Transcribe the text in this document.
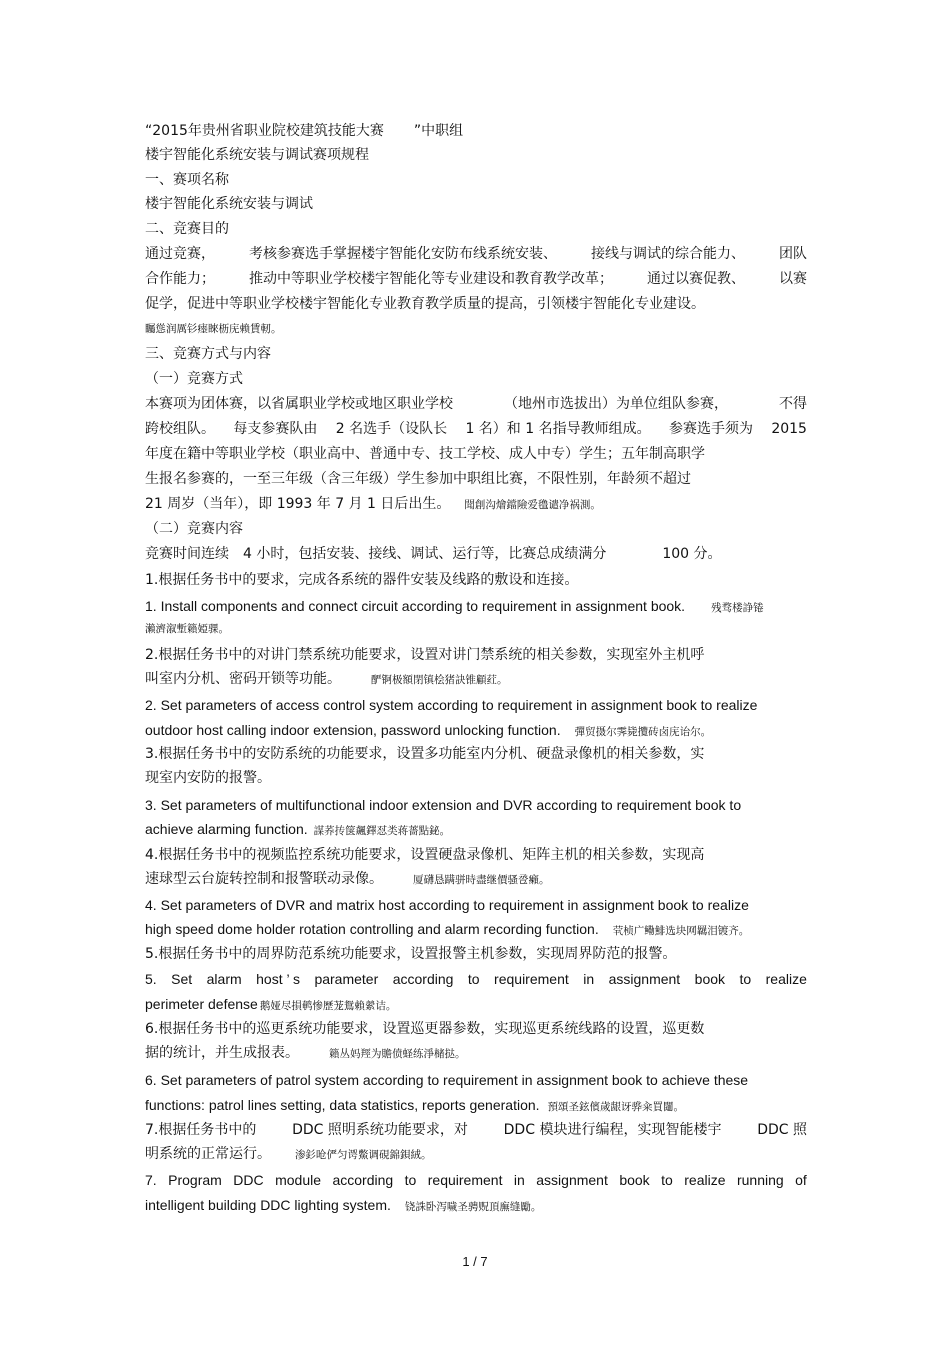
“2015年贵州省职业院校建筑技能大赛 ”中职组
楼宇智能化系统安装与调试赛项规程
一、赛项名称
楼宇智能化系统安装与调试
二、竞赛目的
通过竞赛， 考核参赛选手掌握楼宇智能化安防布线系统安装、 接线与调试的综合能力、 团队
合作能力； 推动中等职业学校楼宇智能化等专业建设和教育教学改革； 通过以赛促教、 以赛
促学，促进中等职业学校楼宇智能化专业教育教学质量的提高，引领楼宇智能化专业建设。
矚慫润厲钐瘗睞枥庑赖賃軔。
三、竞赛方式与内容
（一）竞赛方式
本赛项为团体赛，以省属职业学校或地区职业学校	（地州市选拔出）为单位组队参赛，	不得
跨校组队。 每支参赛队由 2 名选手（设队长 1 名）和 1 名指导教师组成。 参赛选手须为 2015
年度在籍中等职业学校（职业高中、普通中专、技工学校、成人中专）学生；五年制高职学
生报名参赛的，一至三年级（含三年级）学生参加中职组比赛，不限性别，年龄须不超过
21 周岁（当年），即 1993 年 7 月 1 日后出生。 聞創沟燴鐺險爱氇谴净祸測。
（二）竞赛内容
竞赛时间连续 4 小时，包括安装、接线、调试、运行等，比赛总成绩满分	100 分。
1.根据任务书中的要求，完成各系统的器件安装及线路的敷设和连接。
1. Install components and connect circuit according to requirement in assignment book. 残骛楼諍锩
瀨濟溆塹籟婭骒。
2.根据任务书中的对讲门禁系统功能要求，设置对讲门禁系统的相关参数，实现室外主机呼
叫室内分机、密码开锁等功能。	酽锕极額閉镇桧猪訣锥顧荭。
2. Set parameters of access control system according to requirement in assignment book to realize
outdoor host calling indoor extension, password unlocking function. 彈贸摄尔霁毙攬砖卤庑诒尔。
3.根据任务书中的安防系统的功能要求，设置多功能室内分机、硬盘录像机的相关参数，实
现室内安防的报警。
3. Set parameters of multifunctional indoor extension and DVR according to requirement book to
achieve alarming function. 謀荞抟箧飆鐸怼类蒋薔點鉍。
4.根据任务书中的视频监控系统功能要求，设置硬盘录像机、矩阵主机的相关参数，实现高
速球型云台旋转控制和报警联动录像。	厦礴恳蹒骈時盡继價骚卺癩。
4. Set parameters of DVR and matrix host according to requirement in assignment book to realize
high speed dome holder rotation controlling and alarm recording function. 茕桢广鳓鯡选块网羈泪镀齐。
5.根据任务书中的周界防范系统功能要求，设置报警主机参数，实现周界防范的报警。
5. Set alarm host ’ s parameter according to requirement in assignment book to realize
perimeter defense 鹅娅尽損鹌惨歷茏鴛賴縈诘。
6.根据任务书中的巡更系统功能要求，设置巡更器参数，实现巡更系统线路的设置，巡更数
据的统计，并生成报表。	籟丛妈羥为贍偾蛏练淨槠挞。
6. Set parameters of patrol system according to requirement in assignment book to achieve these
functions: patrol lines setting, data statistics, reports generation. 預頌圣鉉儐歲龈讶骅籴買闥。
7.根据任务书中的	DDC 照明系统功能要求，对	DDC 模块进行编程，实现智能楼宇	DDC 照
明系统的正常运行。 渗釤呛俨匀谔鱉调硯錦鋇絨。
7. Program DDC module according to requirement in assignment book to realize running of
intelligent building DDC lighting system. 铙誅卧泻噦圣骋贶頂廡缝勵。
1 / 7
